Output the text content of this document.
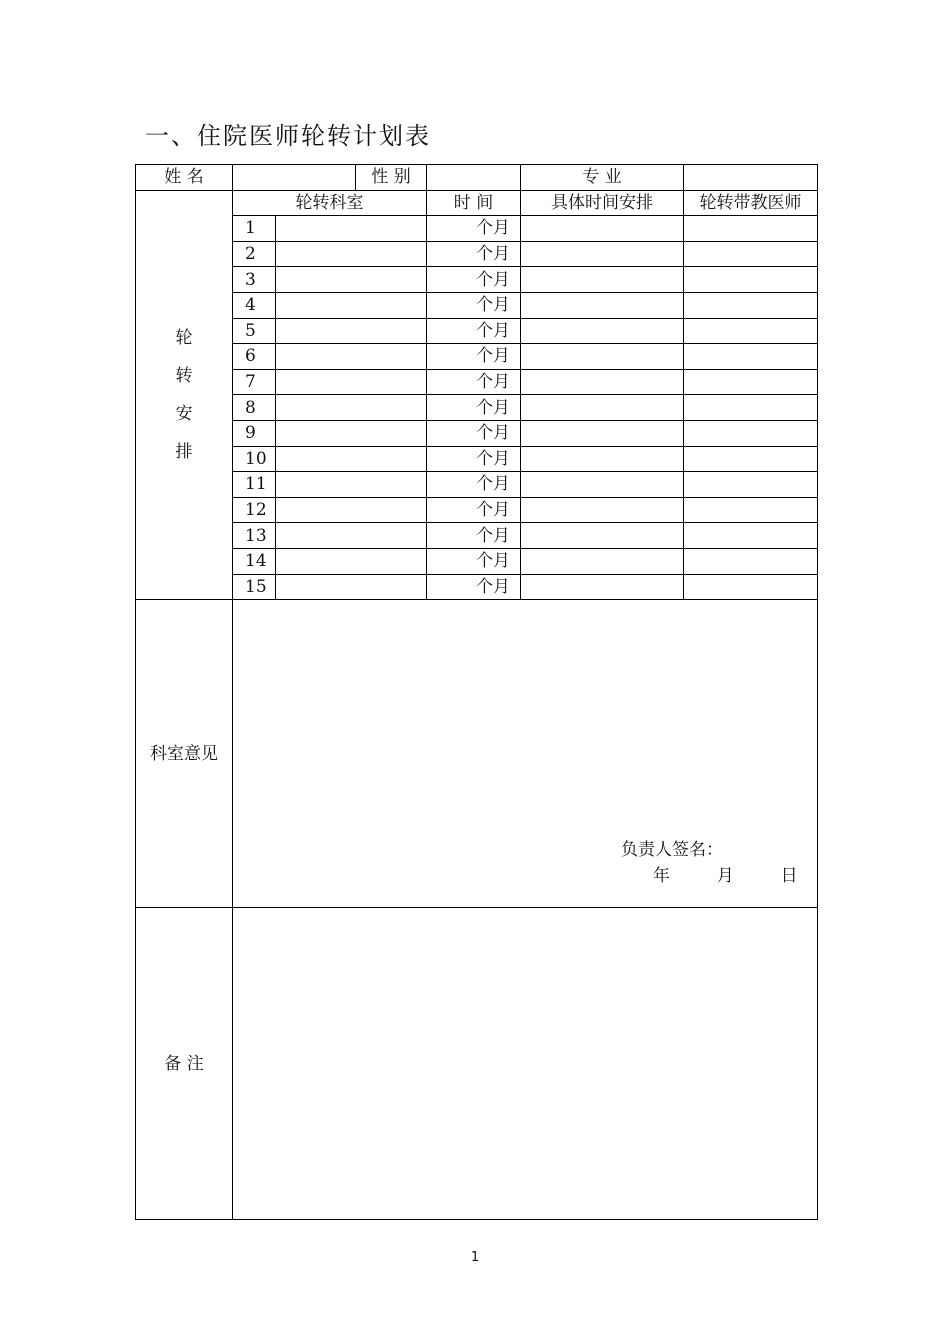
一、住院医师轮转计划表
姓 名			性 别		专 业	

轮
转
安
排	轮转科室			时 间	具体时间安排	轮转带教医师
	1			个月		
	2			个月		
	3			个月		
	4			个月		
	5			个月		
	6			个月		
	7			个月		
	8			个月		
	9			个月		
	10			个月		
	11			个月		
	12			个月		
	13			个月		
	14			个月		
	15			个月		
科室意见	负责人签名：
年 月 日					

备 注						
1
